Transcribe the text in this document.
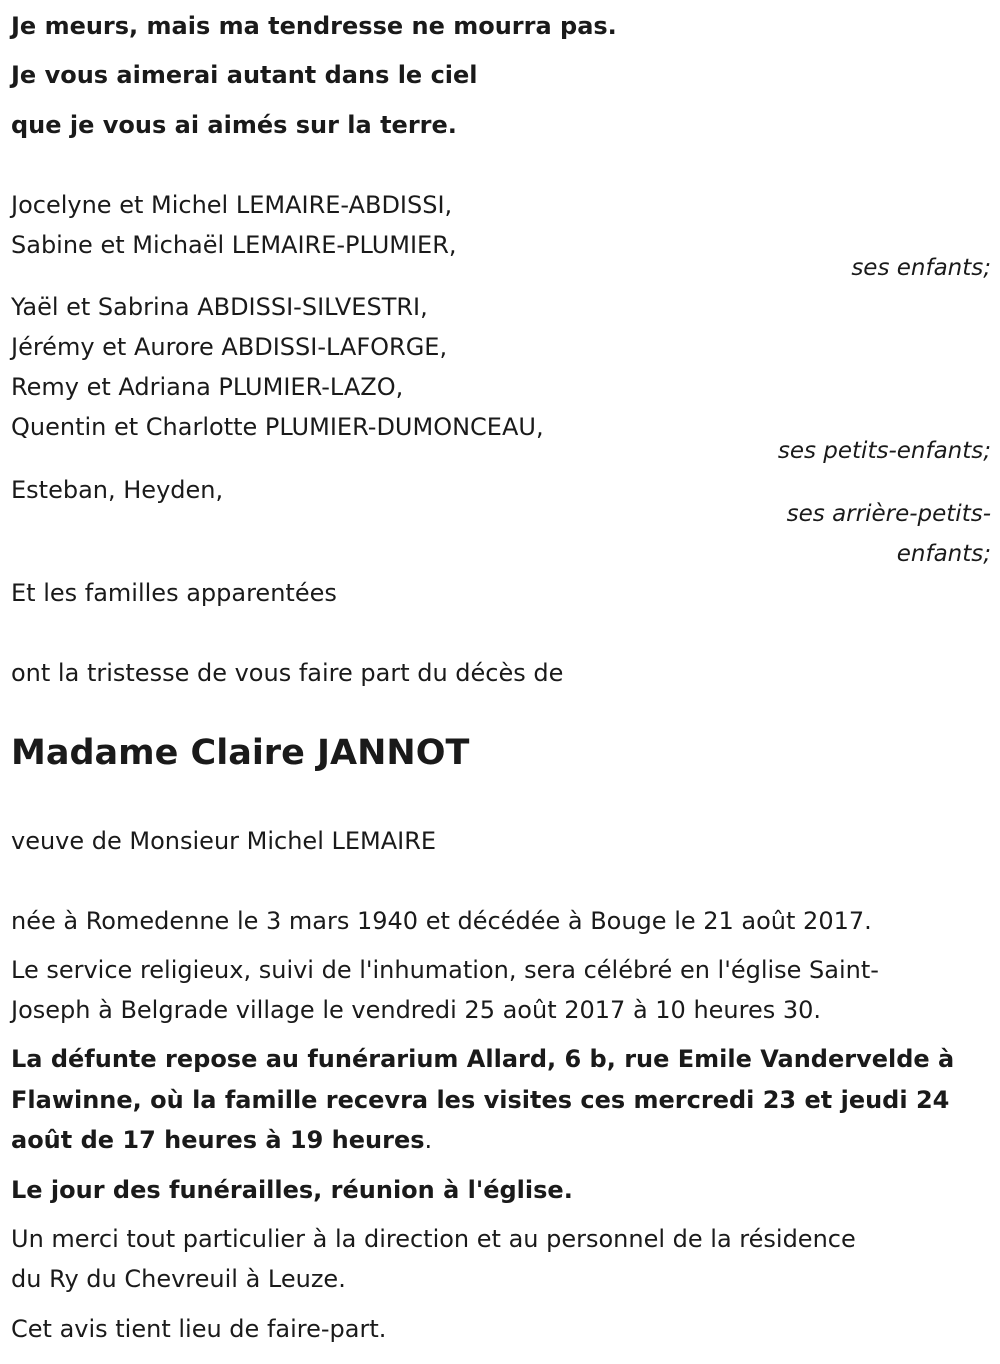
Je meurs, mais ma tendresse ne mourra pas.
Je vous aimerai autant dans le ciel
que je vous ai aimés sur la terre.
Jocelyne et Michel LEMAIRE-ABDISSI,
Sabine et Michaël LEMAIRE-PLUMIER,
ses enfants;
Yaël et Sabrina ABDISSI-SILVESTRI,
Jérémy et Aurore ABDISSI-LAFORGE,
Remy et Adriana PLUMIER-LAZO,
Quentin et Charlotte PLUMIER-DUMONCEAU,
ses petits-enfants;
Esteban, Heyden,
ses arrière-petits-
enfants;
Et les familles apparentées
ont la tristesse de vous faire part du décès de
Madame Claire JANNOT
veuve de Monsieur Michel LEMAIRE
née à Romedenne le 3 mars 1940 et décédée à Bouge le 21 août 2017.
Le service religieux, suivi de l'inhumation, sera célébré en l'église Saint-
Joseph à Belgrade village le vendredi 25 août 2017 à 10 heures 30.
La défunte repose au funérarium Allard, 6 b, rue Emile Vandervelde à
Flawinne, où la famille recevra les visites ces mercredi 23 et jeudi 24
août de 17 heures à 19 heures.
Le jour des funérailles, réunion à l'église.
Un merci tout particulier à la direction et au personnel de la résidence
du Ry du Chevreuil à Leuze.
Cet avis tient lieu de faire-part.
